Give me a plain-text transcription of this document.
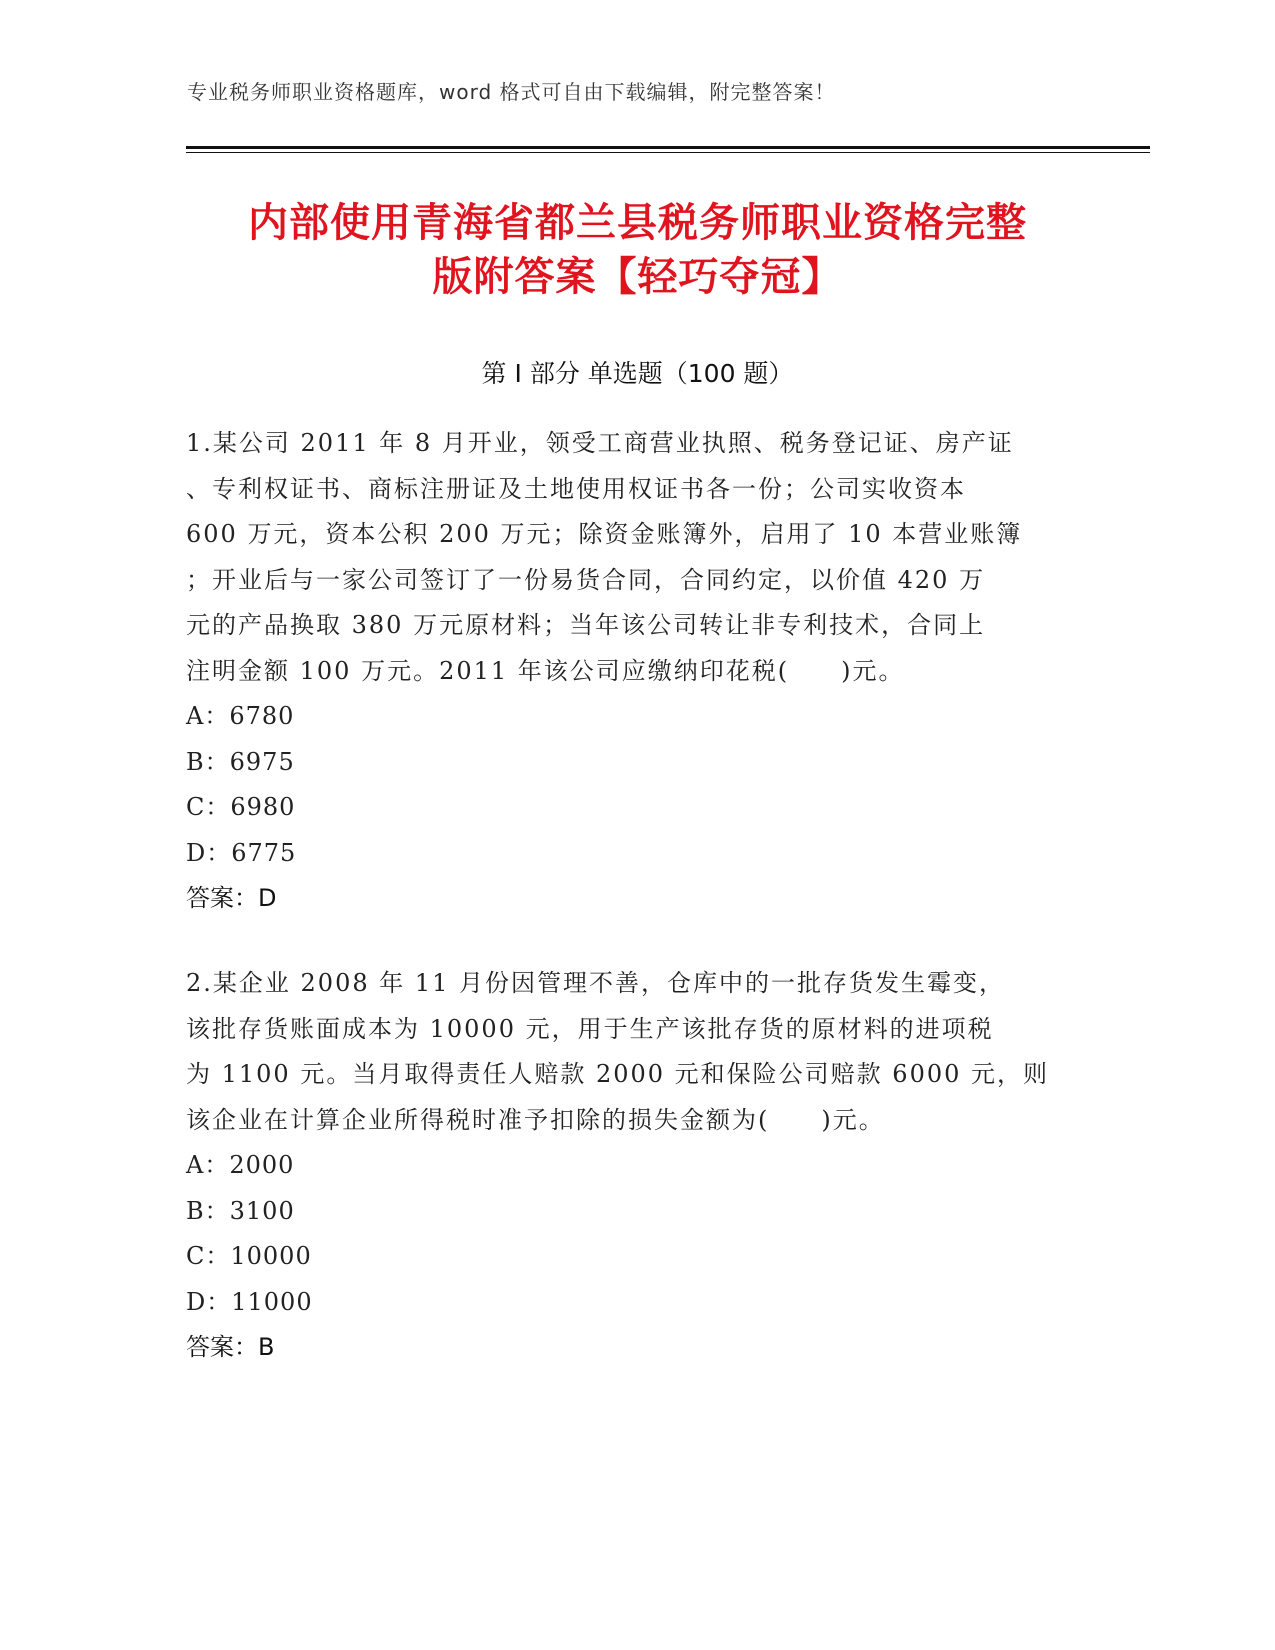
专业税务师职业资格题库，word 格式可自由下载编辑，附完整答案！
内部使用青海省都兰县税务师职业资格完整
版附答案【轻巧夺冠】
第 I 部分 单选题（100 题）

1.某公司 2011 年 8 月开业，领受工商营业执照、税务登记证、房产证

、专利权证书、商标注册证及土地使用权证书各一份；公司实收资本

600 万元，资本公积 200 万元；除资金账簿外，启用了 10 本营业账簿

；开业后与一家公司签订了一份易货合同，合同约定，以价值 420 万

元的产品换取 380 万元原材料；当年该公司转让非专利技术，合同上

注明金额 100 万元。2011 年该公司应缴纳印花税(　　)元。

A：6780

B：6975

C：6980

D：6775

答案：D

2.某企业 2008 年 11 月份因管理不善，仓库中的一批存货发生霉变，

该批存货账面成本为 10000 元，用于生产该批存货的原材料的进项税

为 1100 元。当月取得责任人赔款 2000 元和保险公司赔款 6000 元，则

该企业在计算企业所得税时准予扣除的损失金额为(　　)元。

A：2000

B：3100

C：10000

D：11000

答案：B
